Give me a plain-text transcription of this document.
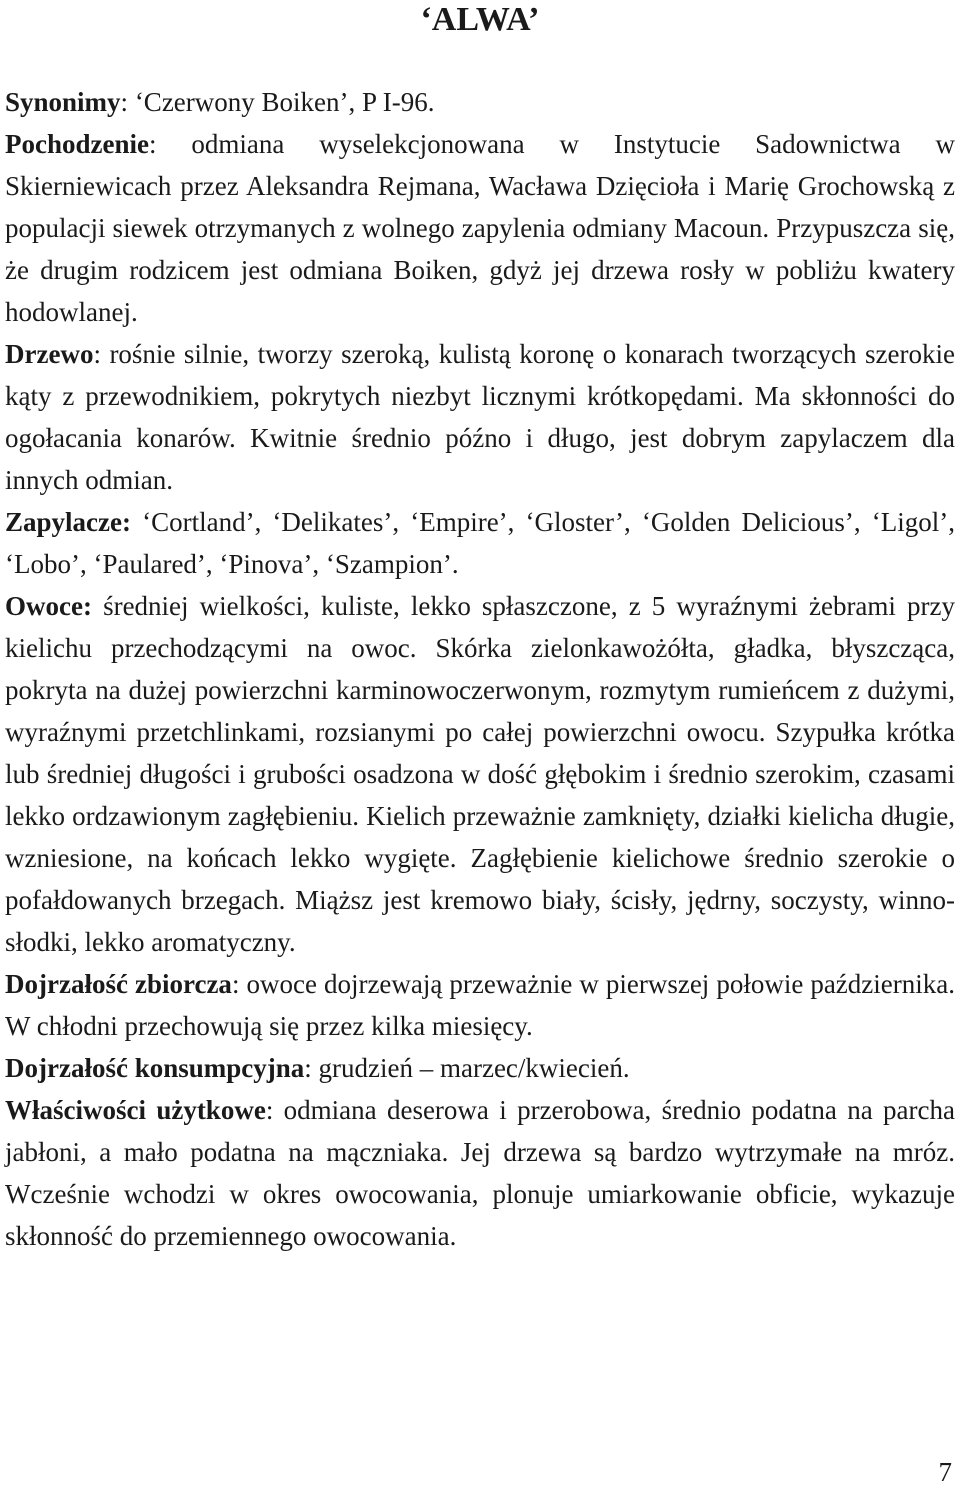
‘ALWA’

Synonimy: ‘Czerwony Boiken’, P I-96.

Pochodzenie: odmiana wyselekcjonowana w Instytucie Sadownictwa w Skierniewicach przez Aleksandra Rejmana, Wacława Dzięcioła i Marię Grochowską z populacji siewek otrzymanych z wolnego zapylenia odmiany Macoun. Przypuszcza się, że drugim rodzicem jest odmiana Boiken, gdyż jej drzewa rosły w pobliżu kwatery hodowlanej.

Drzewo: rośnie silnie, tworzy szeroką, kulistą koronę o konarach tworzących szerokie kąty z przewodnikiem, pokrytych niezbyt licznymi krótkopędami. Ma skłonności do ogołacania konarów. Kwitnie średnio późno i długo, jest dobrym zapylaczem dla innych odmian.

Zapylacze: ‘Cortland’, ‘Delikates’, ‘Empire’, ‘Gloster’, ‘Golden Delicious’, ‘Ligol’, ‘Lobo’, ‘Paulared’, ‘Pinova’, ‘Szampion’.

Owoce: średniej wielkości, kuliste, lekko spłaszczone, z 5 wyraźnymi żebrami przy kielichu przechodzącymi na owoc. Skórka zielonkawożółta, gładka, błyszcząca, pokryta na dużej powierzchni karminowoczerwonym, rozmytym rumieńcem z dużymi, wyraźnymi przetchlinkami, rozsianymi po całej powierzchni owocu. Szypułka krótka lub średniej długości i grubości osadzona w dość głębokim i średnio szerokim, czasami lekko ordzawionym zagłębieniu. Kielich przeważnie zamknięty, działki kielicha długie, wzniesione, na końcach lekko wygięte. Zagłębienie kielichowe średnio szerokie o pofałdowanych brzegach. Miąższ jest kremowo biały, ścisły, jędrny, soczysty, winno-słodki, lekko aromatyczny.

Dojrzałość zbiorcza: owoce dojrzewają przeważnie w pierwszej połowie października. W chłodni przechowują się przez kilka miesięcy.

Dojrzałość konsumpcyjna: grudzień – marzec/kwiecień.

Właściwości użytkowe: odmiana deserowa i przerobowa, średnio podatna na parcha jabłoni, a mało podatna na mączniaka. Jej drzewa są bardzo wytrzymałe na mróz. Wcześnie wchodzi w okres owocowania, plonuje umiarkowanie obficie, wykazuje skłonność do przemiennego owocowania.

7
